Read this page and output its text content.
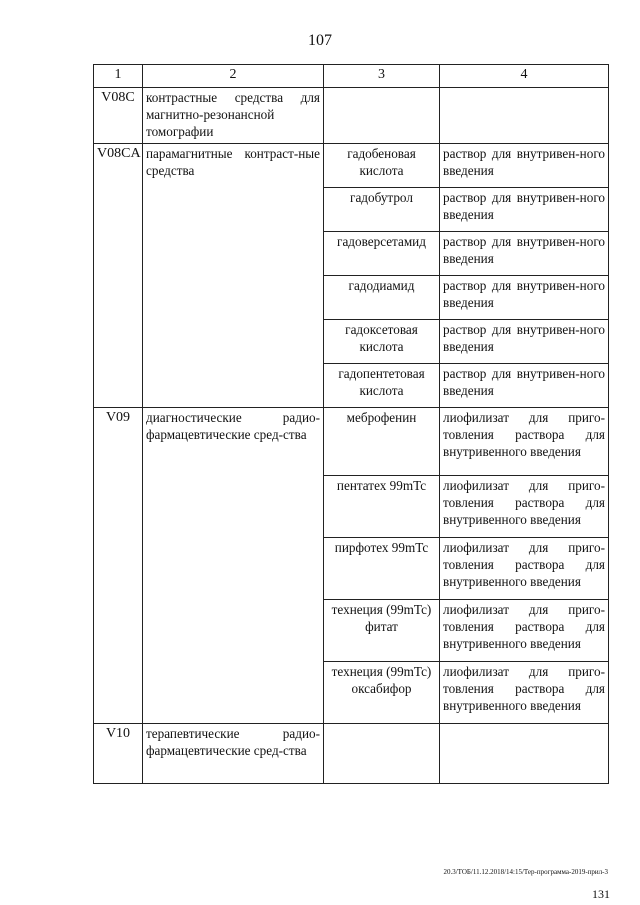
107
1	2	3	4
V08C	контрастные средства для магнитно-резонансной томографии		
V08CA	парамагнитные контраст-ные средства	гадобеновая кислота	раствор для внутривен-ного введения
		гадобутрол	раствор для внутривен-ного введения
		гадоверсетамид	раствор для внутривен-ного введения
		гадодиамид	раствор для внутривен-ного введения
		гадоксетовая кислота	раствор для внутривен-ного введения
		гадопентетовая кислота	раствор для внутривен-ного введения
V09	диагностические радио-фармацевтические сред-ства	меброфенин	лиофилизат для приго-товления раствора для внутривенного введения
		пентатех 99mTc	лиофилизат для приго-товления раствора для внутривенного введения
		пирфотех 99mTc	лиофилизат для приго-товления раствора для внутривенного введения
		технеция (99mTc) фитат	лиофилизат для приго-товления раствора для внутривенного введения
		технеция (99mTc) оксабифор	лиофилизат для приго-товления раствора для внутривенного введения
V10	терапевтические радио-фармацевтические сред-ства		
20.3/ТОБ/11.12.2018/14:15/Тер-программа-2019-прил-3
131
